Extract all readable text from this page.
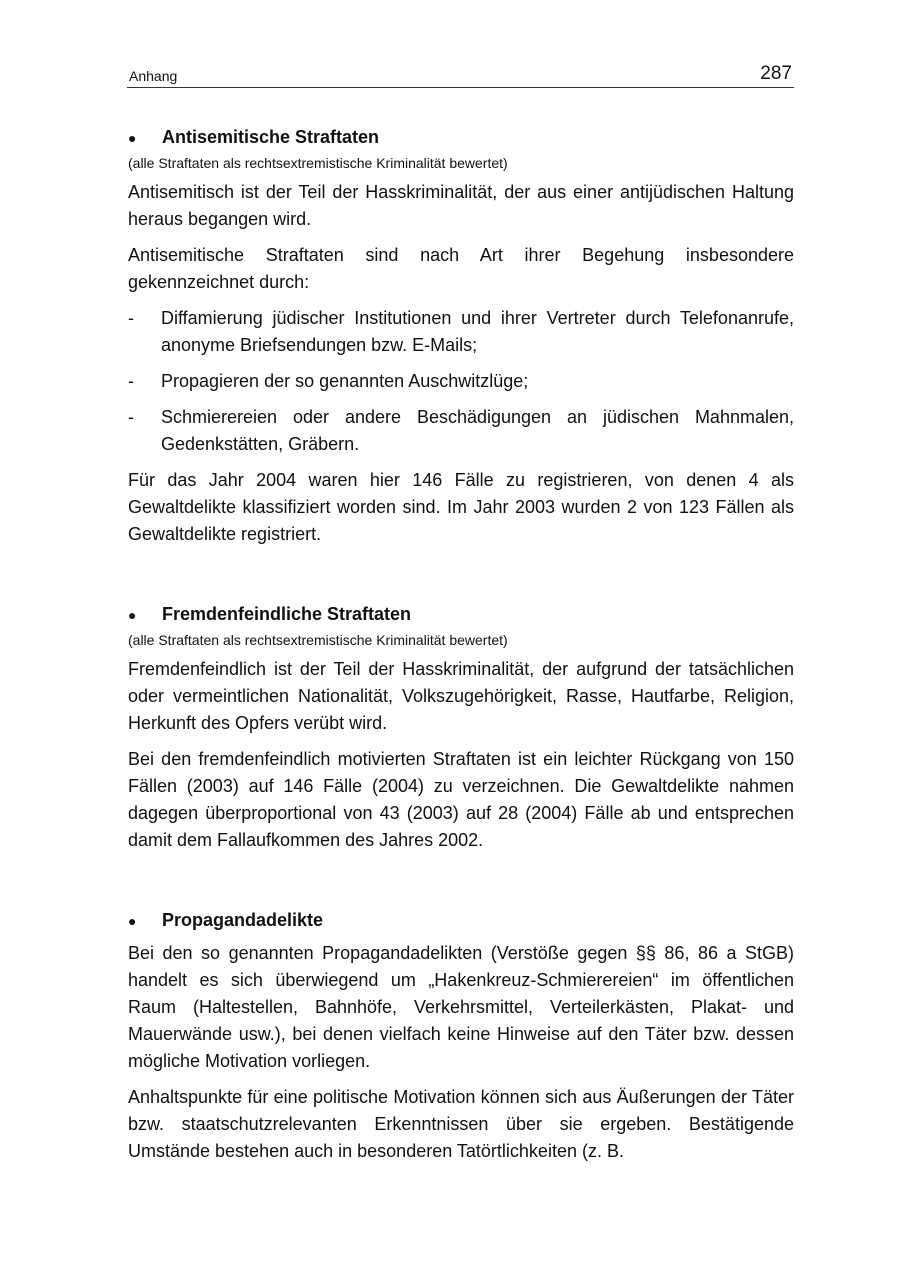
Anhang	287
●	Antisemitische Straftaten

(alle Straftaten als rechtsextremistische Kriminalität bewertet)

Antisemitisch ist der Teil der Hasskriminalität, der aus einer antijüdischen Haltung heraus begangen wird.

Antisemitische Straftaten sind nach Art ihrer Begehung insbesondere gekennzeichnet durch:

-	Diffamierung jüdischer Institutionen und ihrer Vertreter durch Telefonanrufe, anonyme Briefsendungen bzw. E-Mails;
-	Propagieren der so genannten Auschwitzlüge;
-	Schmierereien oder andere Beschädigungen an jüdischen Mahnmalen, Gedenkstätten, Gräbern.

Für das Jahr 2004 waren hier 146 Fälle zu registrieren, von denen 4 als Gewaltdelikte klassifiziert worden sind. Im Jahr 2003 wurden 2 von 123 Fällen als Gewaltdelikte registriert.

●	Fremdenfeindliche Straftaten

(alle Straftaten als rechtsextremistische Kriminalität bewertet)

Fremdenfeindlich ist der Teil der Hasskriminalität, der aufgrund der tatsächlichen oder vermeintlichen Nationalität, Volkszugehörigkeit, Rasse, Hautfarbe, Religion, Herkunft des Opfers verübt wird.

Bei den fremdenfeindlich motivierten Straftaten ist ein leichter Rückgang von 150 Fällen (2003) auf 146 Fälle (2004) zu verzeichnen. Die Gewaltdelikte nahmen dagegen überproportional von 43 (2003) auf 28 (2004) Fälle ab und entsprechen damit dem Fallaufkommen des Jahres 2002.

●	Propagandadelikte

Bei den so genannten Propagandadelikten (Verstöße gegen §§ 86, 86 a StGB) handelt es sich überwiegend um „Hakenkreuz-Schmierereien“ im öffentlichen Raum (Haltestellen, Bahnhöfe, Verkehrsmittel, Verteilerkästen, Plakat- und Mauerwände usw.), bei denen vielfach keine Hinweise auf den Täter bzw. dessen mögliche Motivation vorliegen.

Anhaltspunkte für eine politische Motivation können sich aus Äußerungen der Täter bzw. staatschutzrelevanten Erkenntnissen über sie ergeben. Bestätigende Umstände bestehen auch in besonderen Tatörtlichkeiten (z. B.
